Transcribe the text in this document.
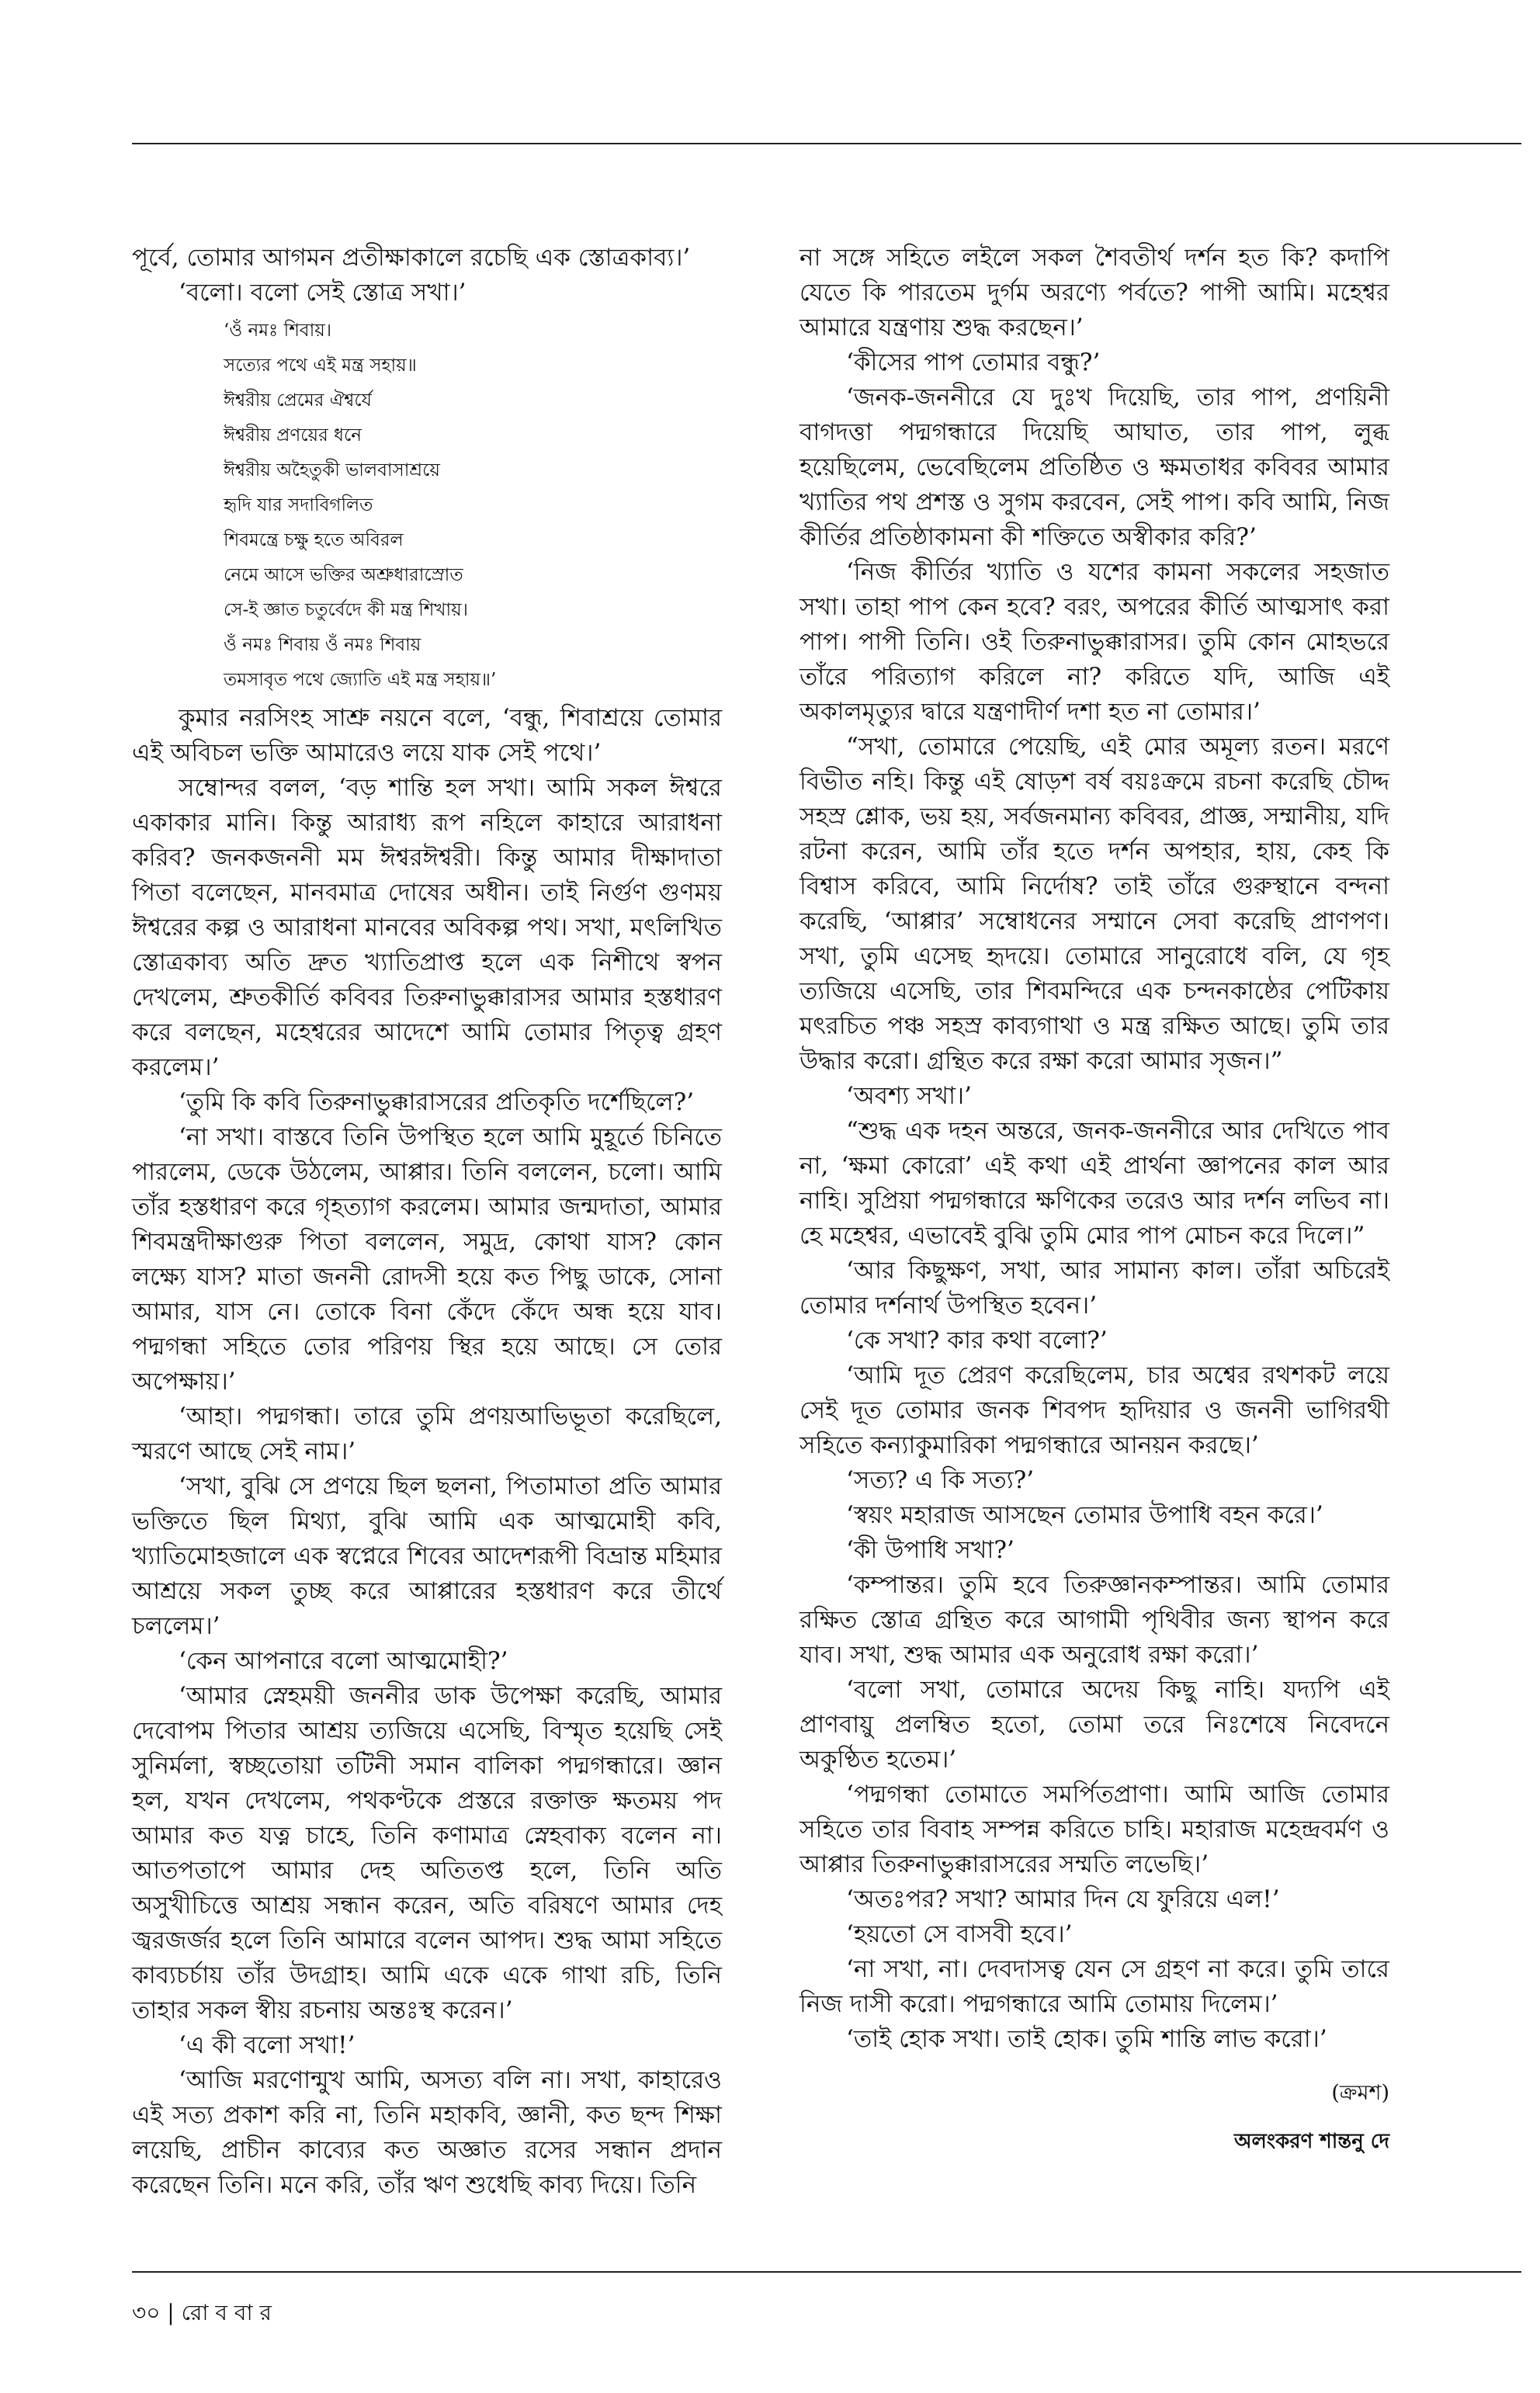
পূর্বে, তোমার আগমন প্রতীক্ষাকালে রচেছি এক স্তোত্রকাব্য।’

‘বলো। বলো সেই স্তোত্র সখা।’

‘ওঁ নমঃ শিবায়।
সত্যের পথে এই মন্ত্র সহায়॥
ঈশ্বরীয় প্রেমের ঐশ্বর্যে
ঈশ্বরীয় প্রণয়ের ধনে
ঈশ্বরীয় অহৈতুকী ভালবাসাশ্রয়ে
হৃদি যার সদাবিগলিত
শিবমন্ত্রে চক্ষু হতে অবিরল
নেমে আসে ভক্তির অশ্রুধারাস্রোত
সে-ই জ্ঞাত চতুর্বেদে কী মন্ত্র শিখায়।
ওঁ নমঃ শিবায় ওঁ নমঃ শিবায়
তমসাবৃত পথে জ্যোতি এই মন্ত্র সহায়॥’

কুমার নরসিংহ সাশ্রু নয়নে বলে, ‘বন্ধু, শিবাশ্রয়ে তোমার এই অবিচল ভক্তি আমারেও লয়ে যাক সেই পথে।’

সম্বোন্দর বলল, ‘বড় শান্তি হল সখা। আমি সকল ঈশ্বরে একাকার মানি। কিন্তু আরাধ্য রূপ নহিলে কাহারে আরাধনা করিব? জনকজননী মম ঈশ্বরঈশ্বরী। কিন্তু আমার দীক্ষাদাতা পিতা বলেছেন, মানবমাত্র দোষের অধীন। তাই নির্গুণ গুণময় ঈশ্বরের কল্প ও আরাধনা মানবের অবিকল্প পথ। সখা, মৎলিখিত স্তোত্রকাব্য অতি দ্রুত খ্যাতিপ্রাপ্ত হলে এক নিশীথে স্বপন দেখলেম, শ্রুতকীর্তি কবিবর তিরুনাভুক্কারাসর আমার হস্তধারণ করে বলছেন, মহেশ্বরের আদেশে আমি তোমার পিতৃত্ব গ্রহণ করলেম।’

‘তুমি কি কবি তিরুনাভুক্কারাসরের প্রতিকৃতি দর্শেছিলে?’

‘না সখা। বাস্তবে তিনি উপস্থিত হলে আমি মুহূর্তে চিনিতে পারলেম, ডেকে উঠলেম, আপ্পার। তিনি বললেন, চলো। আমি তাঁর হস্তধারণ করে গৃহত্যাগ করলেম। আমার জন্মদাতা, আমার শিবমন্ত্রদীক্ষাগুরু পিতা বললেন, সমুদ্র, কোথা যাস? কোন লক্ষ্যে যাস? মাতা জননী রোদসী হয়ে কত পিছু ডাকে, সোনা আমার, যাস নে। তোকে বিনা কেঁদে কেঁদে অন্ধ হয়ে যাব। পদ্মগন্ধা সহিতে তোর পরিণয় স্থির হয়ে আছে। সে তোর অপেক্ষায়।’

‘আহা। পদ্মগন্ধা। তারে তুমি প্রণয়আভিভূতা করেছিলে, স্মরণে আছে সেই নাম।’

‘সখা, বুঝি সে প্রণয়ে ছিল ছলনা, পিতামাতা প্রতি আমার ভক্তিতে ছিল মিথ্যা, বুঝি আমি এক আত্মমোহী কবি, খ্যাতিমোহজালে এক স্বপ্নেরে শিবের আদেশরূপী বিভ্রান্ত মহিমার আশ্রয়ে সকল তুচ্ছ করে আপ্পারের হস্তধারণ করে তীর্থে চললেম।’

‘কেন আপনারে বলো আত্মমোহী?’

‘আমার স্নেহময়ী জননীর ডাক উপেক্ষা করেছি, আমার দেবোপম পিতার আশ্রয় ত্যজিয়ে এসেছি, বিস্মৃত হয়েছি সেই সুনির্মলা, স্বচ্ছতোয়া তটিনী সমান বালিকা পদ্মগন্ধারে। জ্ঞান হল, যখন দেখলেম, পথকণ্টকে প্রস্তরে রক্তাক্ত ক্ষতময় পদ আমার কত যত্ন চাহে, তিনি কণামাত্র স্নেহবাক্য বলেন না। আতপতাপে আমার দেহ অতিতপ্ত হলে, তিনি অতি অসুখীচিত্তে আশ্রয় সন্ধান করেন, অতি বরিষণে আমার দেহ জ্বরজর্জর হলে তিনি আমারে বলেন আপদ। শুদ্ধ আমা সহিতে কাব্যচর্চায় তাঁর উদগ্রাহ। আমি একে একে গাথা রচি, তিনি তাহার সকল স্বীয় রচনায় অন্তঃস্থ করেন।’

‘এ কী বলো সখা!’

‘আজি মরণোন্মুখ আমি, অসত্য বলি না। সখা, কাহারেও এই সত্য প্রকাশ করি না, তিনি মহাকবি, জ্ঞানী, কত ছন্দ শিক্ষা লয়েছি, প্রাচীন কাব্যের কত অজ্ঞাত রসের সন্ধান প্রদান করেছেন তিনি। মনে করি, তাঁর ঋণ শুধেছি কাব্য দিয়ে। তিনি

না সঙ্গে সহিতে লইলে সকল শৈবতীর্থ দর্শন হত কি? কদাপি যেতে কি পারতেম দুর্গম অরণ্যে পর্বতে? পাপী আমি। মহেশ্বর আমারে যন্ত্রণায় শুদ্ধ করছেন।’

‘কীসের পাপ তোমার বন্ধু?’

‘জনক-জননীরে যে দুঃখ দিয়েছি, তার পাপ, প্রণয়িনী বাগদত্তা পদ্মগন্ধারে দিয়েছি আঘাত, তার পাপ, লুব্ধ হয়েছিলেম, ভেবেছিলেম প্রতিষ্ঠিত ও ক্ষমতাধর কবিবর আমার খ্যাতির পথ প্রশস্ত ও সুগম করবেন, সেই পাপ। কবি আমি, নিজ কীর্তির প্রতিষ্ঠাকামনা কী শক্তিতে অস্বীকার করি?’

‘নিজ কীর্তির খ্যাতি ও যশের কামনা সকলের সহজাত সখা। তাহা পাপ কেন হবে? বরং, অপরের কীর্তি আত্মসাৎ করা পাপ। পাপী তিনি। ওই তিরুনাভুক্কারাসর। তুমি কোন মোহভরে তাঁরে পরিত্যাগ করিলে না? করিতে যদি, আজি এই অকালমৃত্যুর দ্বারে যন্ত্রণাদীর্ণ দশা হত না তোমার।’

“সখা, তোমারে পেয়েছি, এই মোর অমূল্য রতন। মরণে বিভীত নহি। কিন্তু এই ষোড়শ বর্ষ বয়ঃক্রমে রচনা করেছি চৌদ্দ সহস্র শ্লোক, ভয় হয়, সর্বজনমান্য কবিবর, প্রাজ্ঞ, সম্মানীয়, যদি রটনা করেন, আমি তাঁর হতে দর্শন অপহার, হায়, কেহ কি বিশ্বাস করিবে, আমি নির্দোষ? তাই তাঁরে গুরুস্থানে বন্দনা করেছি, ‘আপ্পার’ সম্বোধনের সম্মানে সেবা করেছি প্রাণপণ। সখা, তুমি এসেছ হৃদয়ে। তোমারে সানুরোধে বলি, যে গৃহ ত্যজিয়ে এসেছি, তার শিবমন্দিরে এক চন্দনকাষ্ঠের পেটিকায় মৎরচিত পঞ্চ সহস্র কাব্যগাথা ও মন্ত্র রক্ষিত আছে। তুমি তার উদ্ধার করো। গ্রন্থিত করে রক্ষা করো আমার সৃজন।”

‘অবশ্য সখা।’

“শুদ্ধ এক দহন অন্তরে, জনক-জননীরে আর দেখিতে পাব না, ‘ক্ষমা কোরো’ এই কথা এই প্রার্থনা জ্ঞাপনের কাল আর নাহি। সুপ্রিয়া পদ্মগন্ধারে ক্ষণিকের তরেও আর দর্শন লভিব না। হে মহেশ্বর, এভাবেই বুঝি তুমি মোর পাপ মোচন করে দিলে।”

‘আর কিছুক্ষণ, সখা, আর সামান্য কাল। তাঁরা অচিরেই তোমার দর্শনার্থ উপস্থিত হবেন।’

‘কে সখা? কার কথা বলো?’

‘আমি দূত প্রেরণ করেছিলেম, চার অশ্বের রথশকট লয়ে সেই দূত তোমার জনক শিবপদ হৃদিয়ার ও জননী ভাগিরথী সহিতে কন্যাকুমারিকা পদ্মগন্ধারে আনয়ন করছে।’

‘সত্য? এ কি সত্য?’

‘স্বয়ং মহারাজ আসছেন তোমার উপাধি বহন করে।’

‘কী উপাধি সখা?’

‘কম্পান্তর। তুমি হবে তিরুজ্ঞানকম্পান্তর। আমি তোমার রক্ষিত স্তোত্র গ্রন্থিত করে আগামী পৃথিবীর জন্য স্থাপন করে যাব। সখা, শুদ্ধ আমার এক অনুরোধ রক্ষা করো।’

‘বলো সখা, তোমারে অদেয় কিছু নাহি। যদ্যপি এই প্রাণবায়ু প্রলম্বিত হতো, তোমা তরে নিঃশেষে নিবেদনে অকুণ্ঠিত হতেম।’

‘পদ্মগন্ধা তোমাতে সমর্পিতপ্রাণা। আমি আজি তোমার সহিতে তার বিবাহ সম্পন্ন করিতে চাহি। মহারাজ মহেন্দ্রবর্মণ ও আপ্পার তিরুনাভুক্কারাসরের সম্মতি লভেছি।’

‘অতঃপর? সখা? আমার দিন যে ফুরিয়ে এল!’

‘হয়তো সে বাসবী হবে।’

‘না সখা, না। দেবদাসত্ব যেন সে গ্রহণ না করে। তুমি তারে নিজ দাসী করো। পদ্মগন্ধারে আমি তোমায় দিলেম।’

‘তাই হোক সখা। তাই হোক। তুমি শান্তি লাভ করো।’

(ক্রমশ)
অলংকরণ শান্তনু দে
৩০ | রো ব বা র
